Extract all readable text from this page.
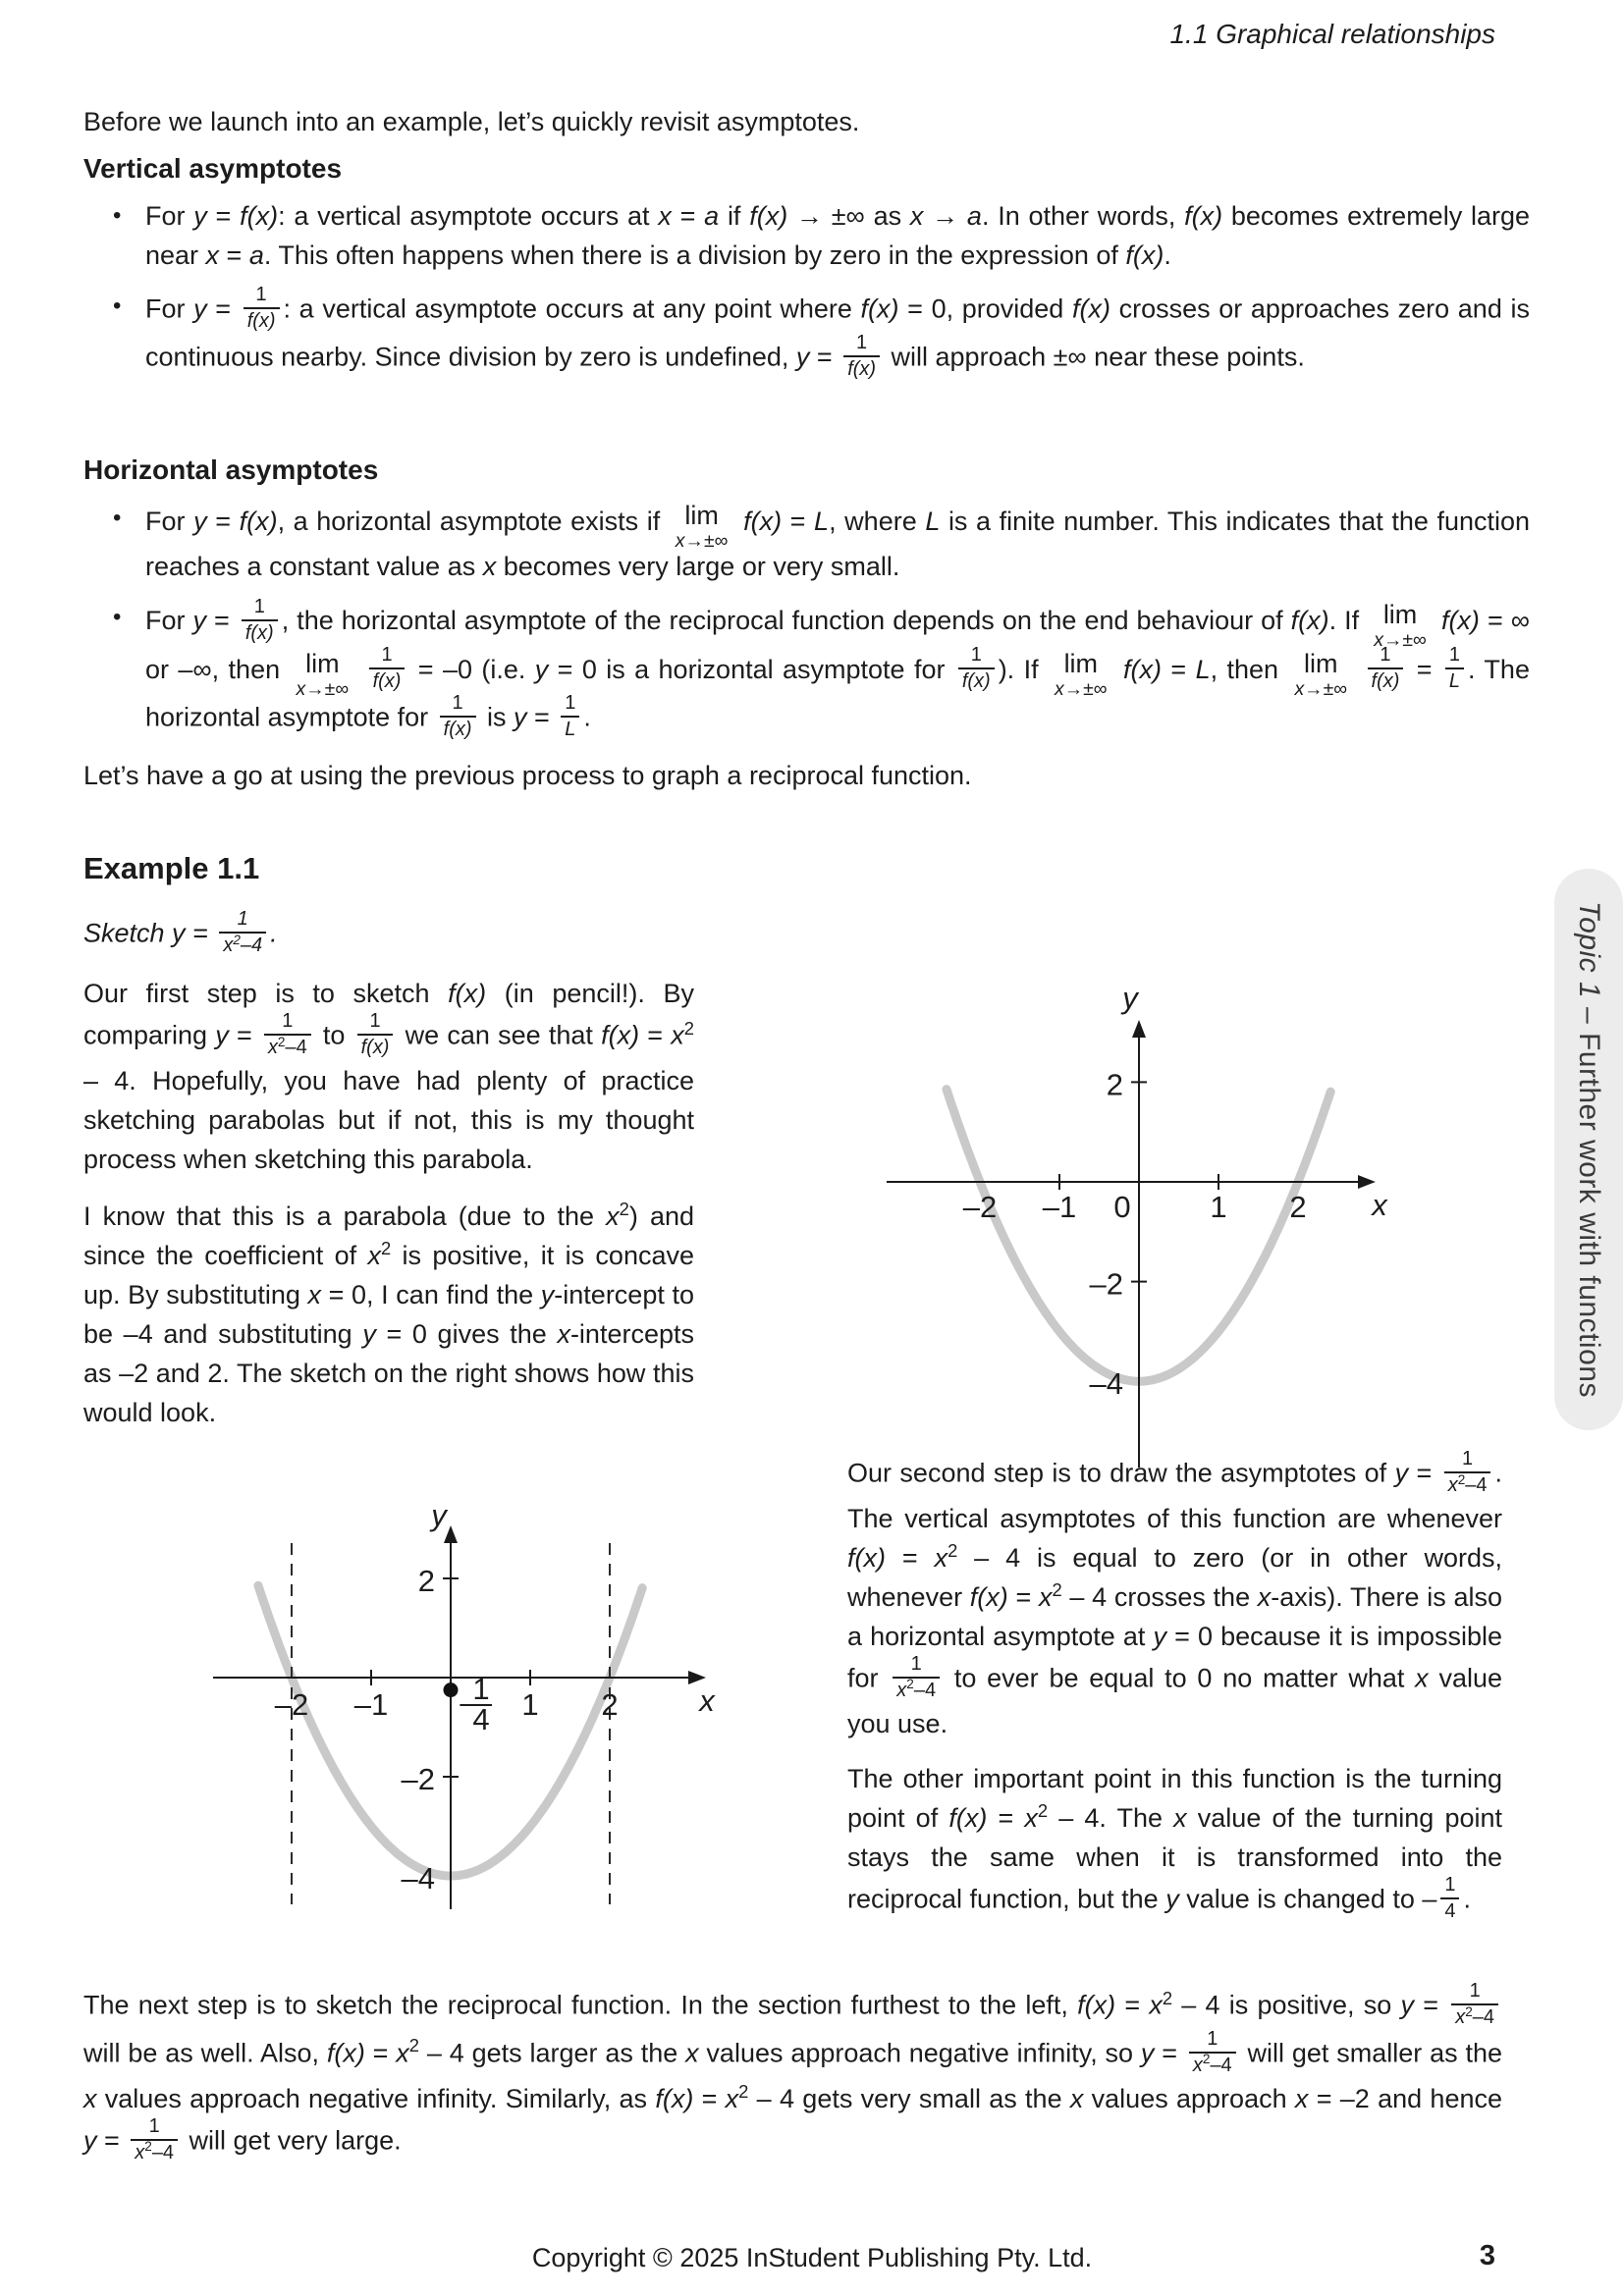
1.1 Graphical relationships

Before we launch into an example, let’s quickly revisit asymptotes.

Vertical asymptotes
• For y = f(x): a vertical asymptote occurs at x = a if f(x) → ±∞ as x → a. In other words, f(x) becomes extremely large near x = a. This often happens when there is a division by zero in the expression of f(x).
• For $y = \frac{1}{f(x)}$ : a vertical asymptote occurs at any point where f(x) = 0, provided f(x) crosses or approaches zero and is continuous nearby. Since division by zero is undefined, $y = \frac{1}{f(x)}$ will approach ±∞ near these points.
Horizontal asymptotes
• For y = f(x), a horizontal asymptote exists if lim
x→±∞
f(x) = L, where L is a finite number. This indicates that the function reaches a constant value as x becomes very large or very small.
• For $y = \frac{1}{f(x)}$ , the horizontal asymptote of the reciprocal function depends on the end behaviour of f(x). If lim
x→±∞
f(x) = ∞ or –∞, then lim
x→±∞
$\frac{1}{f(x)} = -0$ (i.e. y = 0 is a horizontal asymptote for $\frac{1}{f(x)}$ ). If lim
x→±∞
f(x) = L, then lim
x→±∞
$\frac{1}{f(x)} = \frac{1}{L}$ . The horizontal asymptote for $\frac{1}{f(x)}$ is $y = \frac{1}{L}$ .

Let’s have a go at using the previous process to graph a reciprocal function.

Example 1.1

Sketch $y = \frac{1}{x^2-4}$ .

Our first step is to sketch f(x) (in pencil!). By comparing $y = \frac{1}{x^2-4}$ to $\frac{1}{f(x)}$ we can see that $f(x) = x^2 - 4$. Hopefully, you have had plenty of practice sketching parabolas but if not, this is my thought process when sketching this parabola.

I know that this is a parabola (due to the $x^2$) and since the coefficient of $x^2$ is positive, it is concave up. By substituting x = 0, I can find the y-intercept to be –4 and substituting y = 0 gives the x-intercepts as –2 and 2. The sketch on the right shows how this would look.

–2 –1 0	1 2
2
–2
–4
x
y
–2 –1	1 2
2
–2
–4
x
y
–
1
4

Our second step is to draw the asymptotes of $y = \frac{1}{x^2-4}$ . The vertical asymptotes of this function are whenever $f(x) = x^2 - 4$ is equal to zero (or in other words, whenever $f(x) = x^2 - 4$ crosses the x-axis). There is also a horizontal asymptote at y = 0 because it is impossible for $\frac{1}{x^2-4}$ to ever be equal to 0 no matter what x value you use.

The other important point in this function is the turning point of $f(x) = x^2 - 4$. The x value of the turning point stays the same when it is transformed into the reciprocal function, but the y value is changed to – $\frac{1}{4}$ .

The next step is to sketch the reciprocal function. In the section furthest to the left, $f(x) = x^2 - 4$ is positive, so $y = \frac{1}{x^2-4}$
will be as well. Also, $f(x) = x^2 - 4$ gets larger as the x values approach negative infinity, so $y = \frac{1}{x^2-4}$ will get smaller as the x values approach negative infinity. Similarly, as $f(x) = x^2 - 4$ gets very small as the x values approach x = –2 and hence $y = \frac{1}{x^2-4}$ will get very large.

Topic 1 – Further work with functions
Copyright © 2025 InStudent Publishing Pty. Ltd.	3
